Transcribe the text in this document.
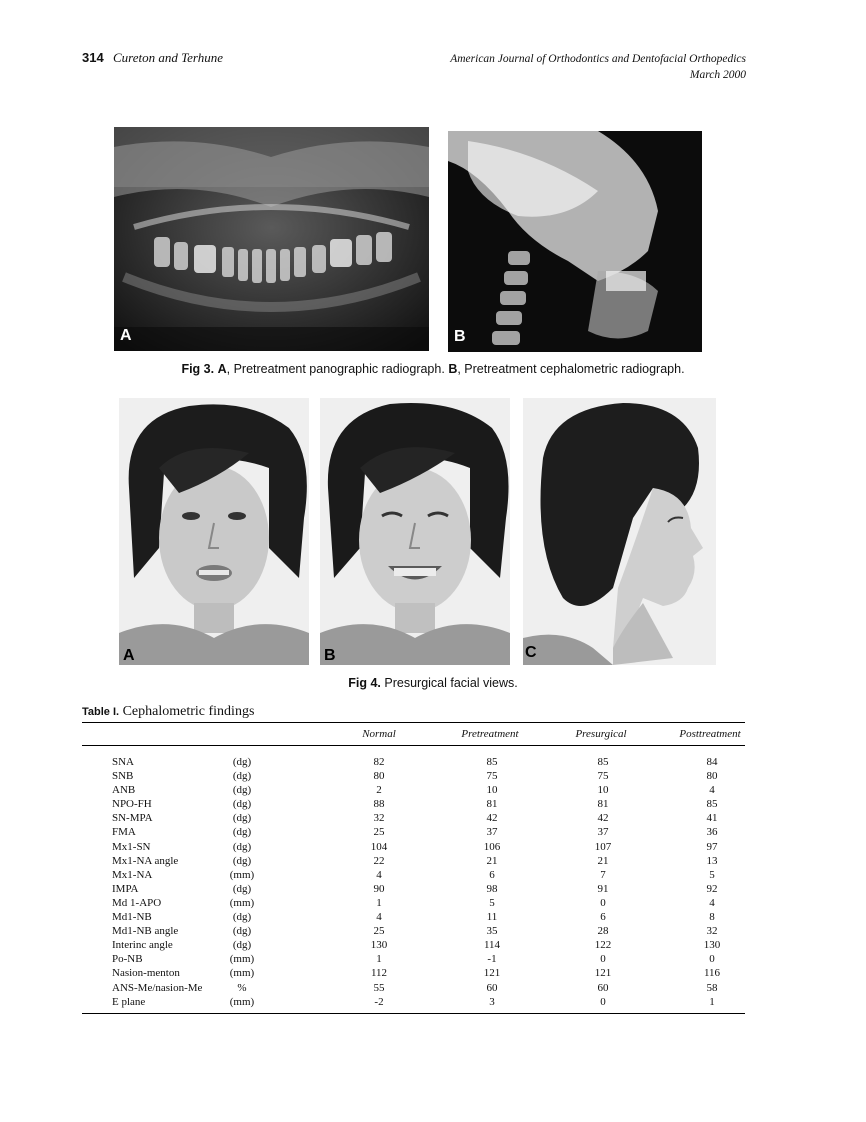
314 Cureton and Terhune	American Journal of Orthodontics and Dentofacial Orthopedics
March 2000
A	B
Fig 3. A, Pretreatment panographic radiograph. B, Pretreatment cephalometric radiograph.
A	B	C
Fig 4. Presurgical facial views.
Table I. Cephalometric findings
Normal	Pretreatment	Presurgical	Posttreatment
SNA	(dg)	82	85	85	84
SNB	(dg)	80	75	75	80
ANB	(dg)	2	10	10	4
NPO-FH	(dg)	88	81	81	85
SN-MPA	(dg)	32	42	42	41
FMA	(dg)	25	37	37	36
Mx1-SN	(dg)	104	106	107	97
Mx1-NA angle	(dg)	22	21	21	13
Mx1-NA	(mm)	4	6	7	5
IMPA	(dg)	90	98	91	92
Md 1-APO	(mm)	1	5	0	4
Md1-NB	(dg)	4	11	6	8
Md1-NB angle	(dg)	25	35	28	32
Interinc angle	(dg)	130	114	122	130
Po-NB	(mm)	1	-1	0	0
Nasion-menton	(mm)	112	121	121	116
ANS-Me/nasion-Me	%	55	60	60	58
E plane	(mm)	-2	3	0	1
